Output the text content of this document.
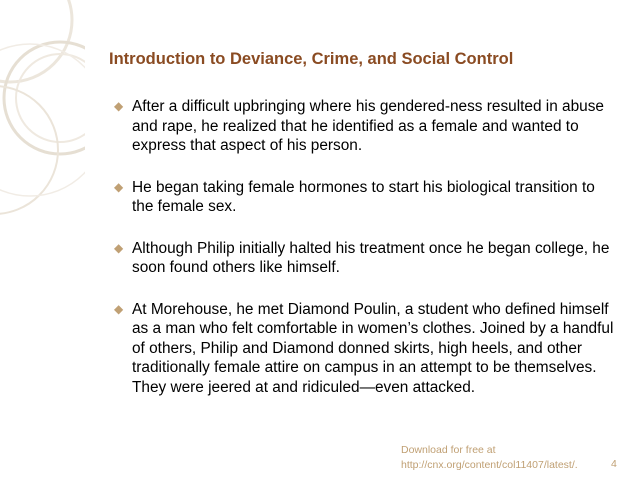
Introduction to Deviance, Crime, and Social Control
◆ After a difficult upbringing where his gendered-ness resulted in abuse and rape, he realized that he identified as a female and wanted to express that aspect of his person.
◆ He began taking female hormones to start his biological transition to the female sex.
◆ Although Philip initially halted his treatment once he began college, he soon found others like himself.
◆ At Morehouse, he met Diamond Poulin, a student who defined himself as a man who felt comfortable in women’s clothes. Joined by a handful of others, Philip and Diamond donned skirts, high heels, and other traditionally female attire on campus in an attempt to be themselves. They were jeered at and ridiculed—even attacked.
Download for free at
http://cnx.org/content/col11407/latest/.	4
